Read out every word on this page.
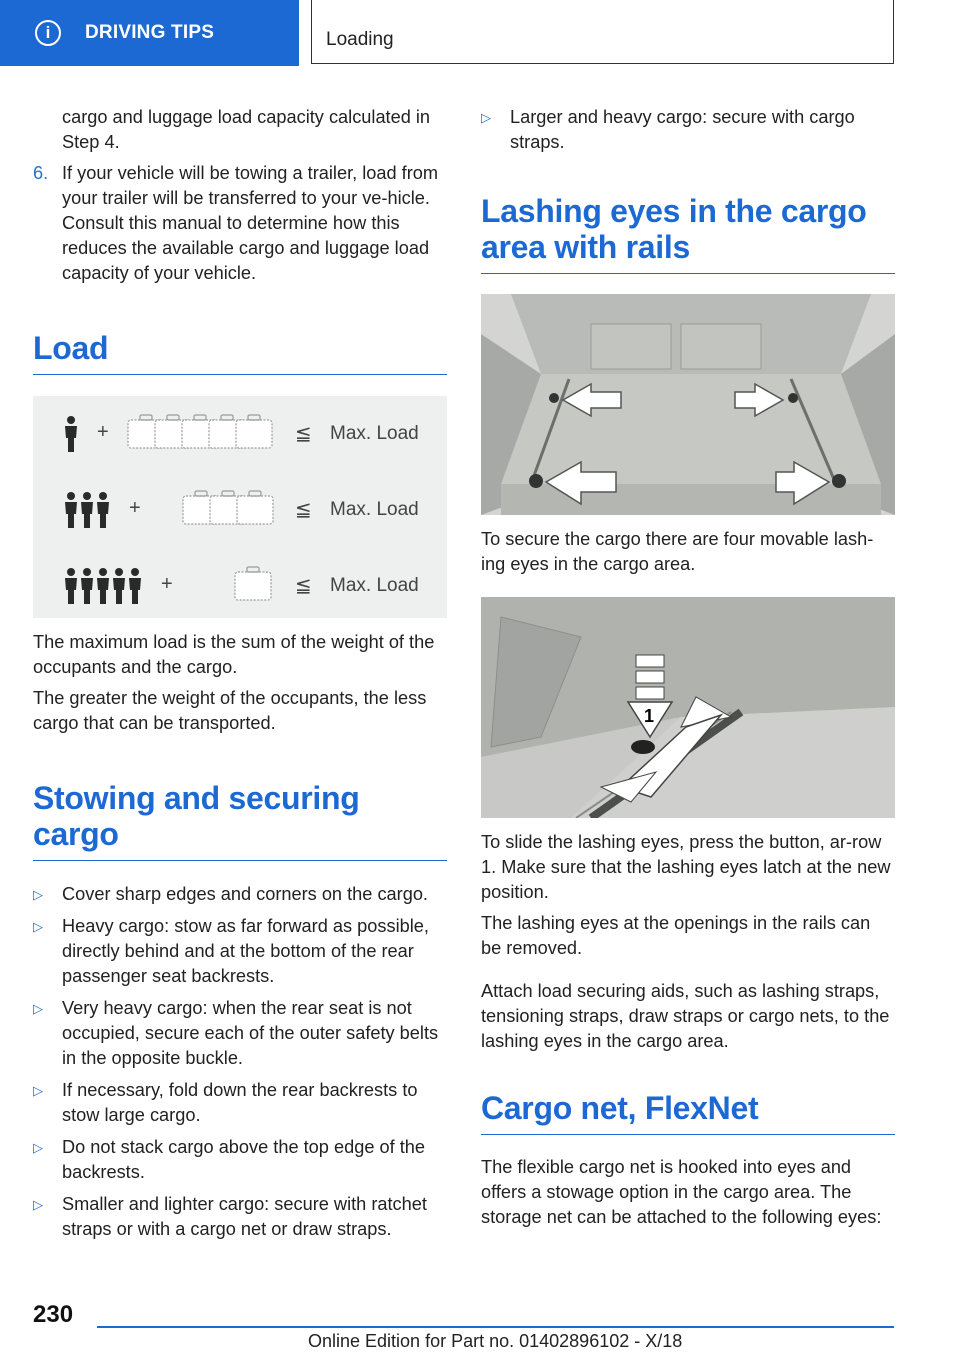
i	DRIVING TIPS	Loading
cargo and luggage load capacity calculated in Step 4.
6. If your vehicle will be towing a trailer, load from your trailer will be transferred to your ve‐hicle. Consult this manual to determine how this reduces the available cargo and luggage load capacity of your vehicle.
Load
+	≦ Max. Load
+	≦ Max. Load
+	≦ Max. Load

The maximum load is the sum of the weight of the occupants and the cargo.

The greater the weight of the occupants, the less cargo that can be transported.

Stowing and securing cargo
▷ Cover sharp edges and corners on the cargo.
▷ Heavy cargo: stow as far forward as possible, directly behind and at the bottom of the rear passenger seat backrests.
▷ Very heavy cargo: when the rear seat is not occupied, secure each of the outer safety belts in the opposite buckle.
▷ If necessary, fold down the rear backrests to stow large cargo.
▷ Do not stack cargo above the top edge of the backrests.
▷ Smaller and lighter cargo: secure with ratchet straps or with a cargo net or draw straps.
▷ Larger and heavy cargo: secure with cargo straps.
Lashing eyes in the cargo area with rails

To secure the cargo there are four movable lash‐ing eyes in the cargo area.

1

To slide the lashing eyes, press the button, ar‐row 1. Make sure that the lashing eyes latch at the new position.

The lashing eyes at the openings in the rails can be removed.

Attach load securing aids, such as lashing straps, tensioning straps, draw straps or cargo nets, to the lashing eyes in the cargo area.

Cargo net, FlexNet

The flexible cargo net is hooked into eyes and offers a stowage option in the cargo area. The storage net can be attached to the following eyes:

230
Online Edition for Part no. 01402896102 - X/18
